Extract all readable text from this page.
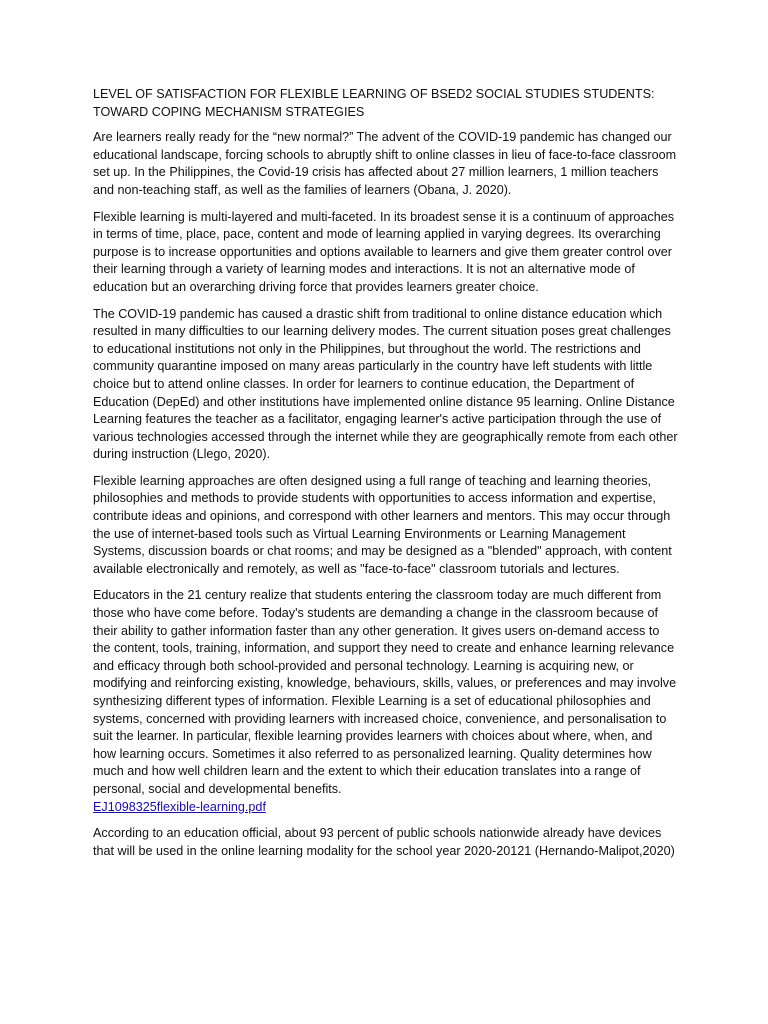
LEVEL OF SATISFACTION FOR FLEXIBLE LEARNING OF BSED2 SOCIAL STUDIES STUDENTS: TOWARD COPING MECHANISM STRATEGIES

Are learners really ready for the “new normal?” The advent of the COVID-19 pandemic has changed our educational landscape, forcing schools to abruptly shift to online classes in lieu of face-to-face classroom set up. In the Philippines, the Covid-19 crisis has affected about 27 million learners, 1 million teachers and non-teaching staff, as well as the families of learners (Obana, J. 2020).

Flexible learning is multi-layered and multi-faceted. In its broadest sense it is a continuum of approaches in terms of time, place, pace, content and mode of learning applied in varying degrees. Its overarching purpose is to increase opportunities and options available to learners and give them greater control over their learning through a variety of learning modes and interactions. It is not an alternative mode of education but an overarching driving force that provides learners greater choice.

The COVID-19 pandemic has caused a drastic shift from traditional to online distance education which resulted in many difficulties to our learning delivery modes. The current situation poses great challenges to educational institutions not only in the Philippines, but throughout the world. The restrictions and community quarantine imposed on many areas particularly in the country have left students with little choice but to attend online classes. In order for learners to continue education, the Department of Education (DepEd) and other institutions have implemented online distance 95 learning. Online Distance Learning features the teacher as a facilitator, engaging learner's active participation through the use of various technologies accessed through the internet while they are geographically remote from each other during instruction (Llego, 2020).

Flexible learning approaches are often designed using a full range of teaching and learning theories, philosophies and methods to provide students with opportunities to access information and expertise, contribute ideas and opinions, and correspond with other learners and mentors. This may occur through the use of internet-based tools such as Virtual Learning Environments or Learning Management Systems, discussion boards or chat rooms; and may be designed as a "blended" approach, with content available electronically and remotely, as well as "face-to-face" classroom tutorials and lectures.

Educators in the 21 century realize that students entering the classroom today are much different from those who have come before. Today's students are demanding a change in the classroom because of their ability to gather information faster than any other generation. It gives users on-demand access to the content, tools, training, information, and support they need to create and enhance learning relevance and efficacy through both school-provided and personal technology. Learning is acquiring new, or modifying and reinforcing existing, knowledge, behaviours, skills, values, or preferences and may involve synthesizing different types of information. Flexible Learning is a set of educational philosophies and systems, concerned with providing learners with increased choice, convenience, and personalisation to suit the learner. In particular, flexible learning provides learners with choices about where, when, and how learning occurs. Sometimes it also referred to as personalized learning. Quality determines how much and how well children learn and the extent to which their education translates into a range of personal, social and developmental benefits.
EJ1098325flexible-learning.pdf

According to an education official, about 93 percent of public schools nationwide already have devices that will be used in the online learning modality for the school year 2020-20121 (Hernando-Malipot,2020)
